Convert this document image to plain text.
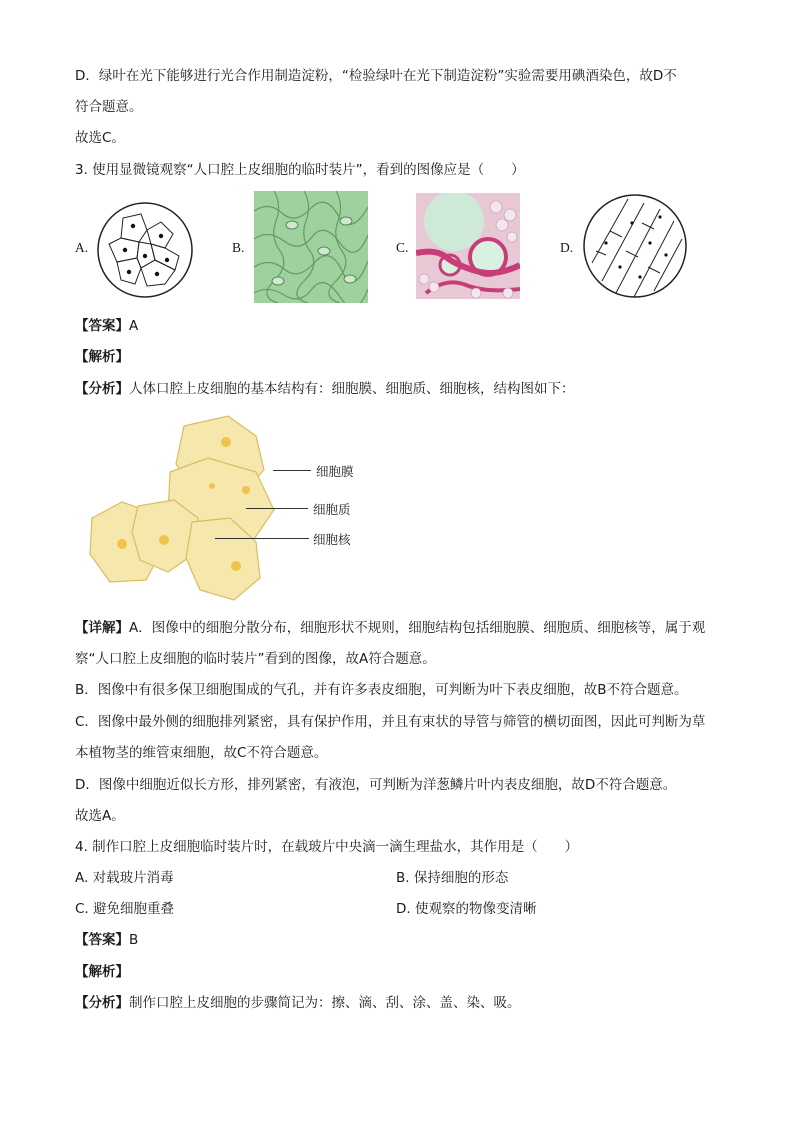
D．绿叶在光下能够进行光合作用制造淀粉，“检验绿叶在光下制造淀粉”实验需要用碘酒染色，故D不
符合题意。
故选C。
3. 使用显微镜观察“人口腔上皮细胞的临时装片”，看到的图像应是（　　）
A.	B.	C.	D.
【答案】A
【解析】
【分析】人体口腔上皮细胞的基本结构有：细胞膜、细胞质、细胞核，结构图如下：
细胞膜
细胞质
细胞核
【详解】A．图像中的细胞分散分布，细胞形状不规则，细胞结构包括细胞膜、细胞质、细胞核等，属于观
察“人口腔上皮细胞的临时装片”看到的图像，故A符合题意。
B．图像中有很多保卫细胞围成的气孔，并有许多表皮细胞，可判断为叶下表皮细胞，故B不符合题意。
C．图像中最外侧的细胞排列紧密，具有保护作用，并且有束状的导管与筛管的横切面图，因此可判断为草
本植物茎的维管束细胞，故C不符合题意。
D．图像中细胞近似长方形，排列紧密，有液泡，可判断为洋葱鳞片叶内表皮细胞，故D不符合题意。
故选A。
4. 制作口腔上皮细胞临时装片时，在载玻片中央滴一滴生理盐水，其作用是（　　）
A. 对载玻片消毒	B. 保持细胞的形态
C. 避免细胞重叠	D. 使观察的物像变清晰
【答案】B
【解析】
【分析】制作口腔上皮细胞的步骤简记为：擦、滴、刮、涂、盖、染、吸。
